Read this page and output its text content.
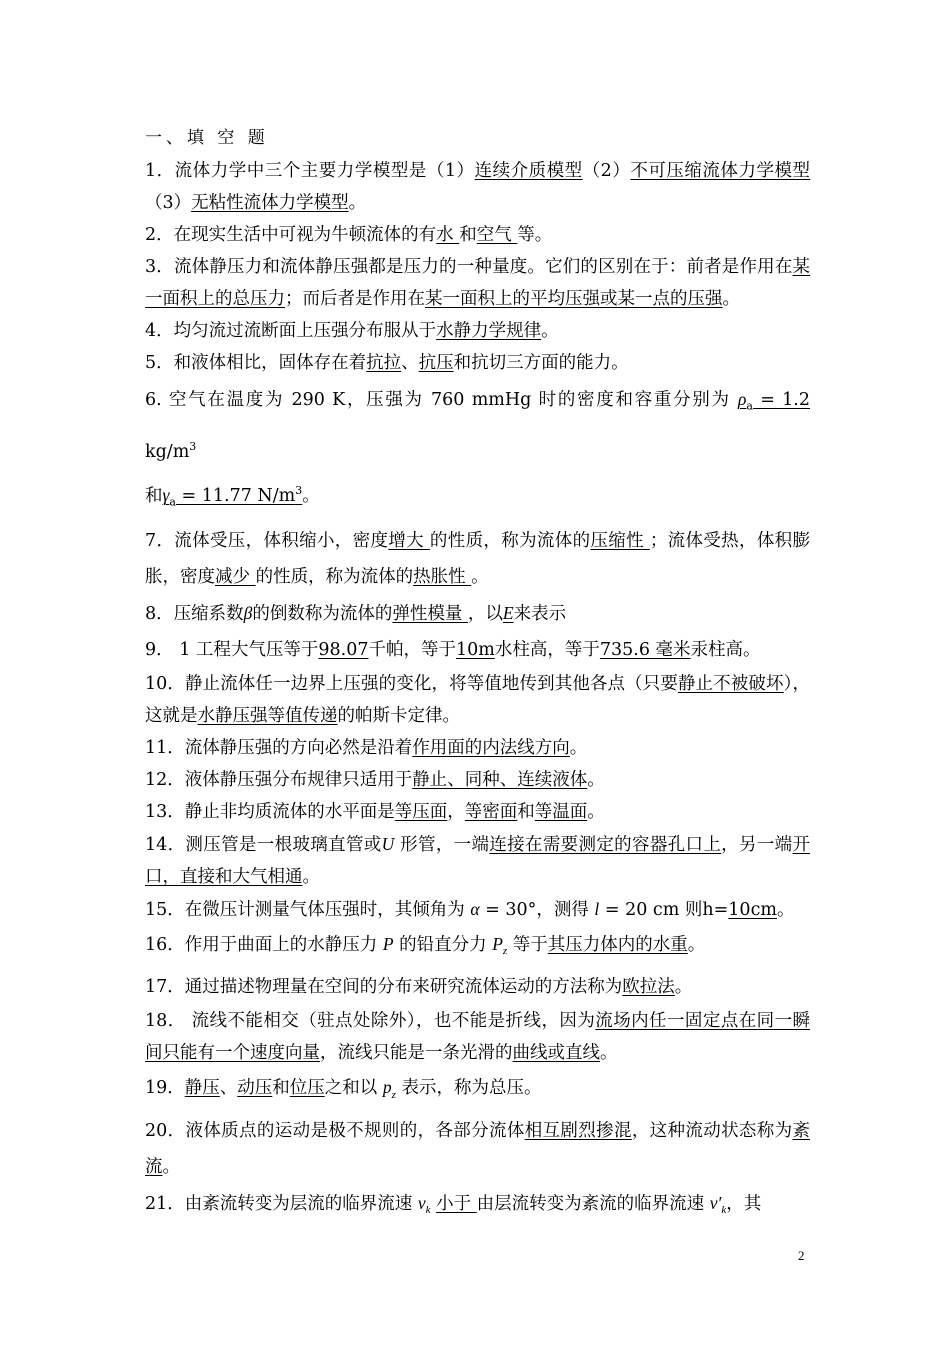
一、填 空 题

1．流体力学中三个主要力学模型是（1）连续介质模型（2）不可压缩流体力学模型（3）无粘性流体力学模型。

2．在现实生活中可视为牛顿流体的有水 和空气 等。

3．流体静压力和流体静压强都是压力的一种量度。它们的区别在于：前者是作用在某一面积上的总压力；而后者是作用在某一面积上的平均压强或某一点的压强。

4．均匀流过流断面上压强分布服从于水静力学规律。

5．和液体相比，固体存在着抗拉、抗压和抗切三方面的能力。

6. 空气在温度为 290 K，压强为 760 mmHg 时的密度和容重分别为 $\rho_a = 1.2$ $kg/m^3$

和$\gamma_a = 11.77$ $N/m^3$。

7．流体受压，体积缩小，密度增大 的性质，称为流体的压缩性 ；流体受热，体积膨胀，密度减少 的性质，称为流体的热胀性 。

8．压缩系数β的倒数称为流体的弹性模量 ，以E来表示

9． 1 工程大气压等于98.07千帕，等于10m水柱高，等于735.6 毫米汞柱高。

10．静止流体任一边界上压强的变化，将等值地传到其他各点（只要静止不被破坏），这就是水静压强等值传递的帕斯卡定律。

11．流体静压强的方向必然是沿着作用面的内法线方向。

12．液体静压强分布规律只适用于静止、同种、连续液体。

13．静止非均质流体的水平面是等压面，等密面和等温面。

14．测压管是一根玻璃直管或U 形管，一端连接在需要测定的容器孔口上，另一端开口，直接和大气相通。

15．在微压计测量气体压强时，其倾角为 α = 30°，测得 l = 20 cm 则h=10cm。

16．作用于曲面上的水静压力 P 的铅直分力 $P_z$ 等于其压力体内的水重。

17．通过描述物理量在空间的分布来研究流体运动的方法称为欧拉法。

18． 流线不能相交（驻点处除外），也不能是折线，因为流场内任一固定点在同一瞬间只能有一个速度向量，流线只能是一条光滑的曲线或直线。

19．静压、动压和位压之和以 $p_z$ 表示，称为总压。

20．液体质点的运动是极不规则的，各部分流体相互剧烈掺混，这种流动状态称为紊流。

21．由紊流转变为层流的临界流速 $v_k$ 小于 由层流转变为紊流的临界流速 $v'_k$，其

2
